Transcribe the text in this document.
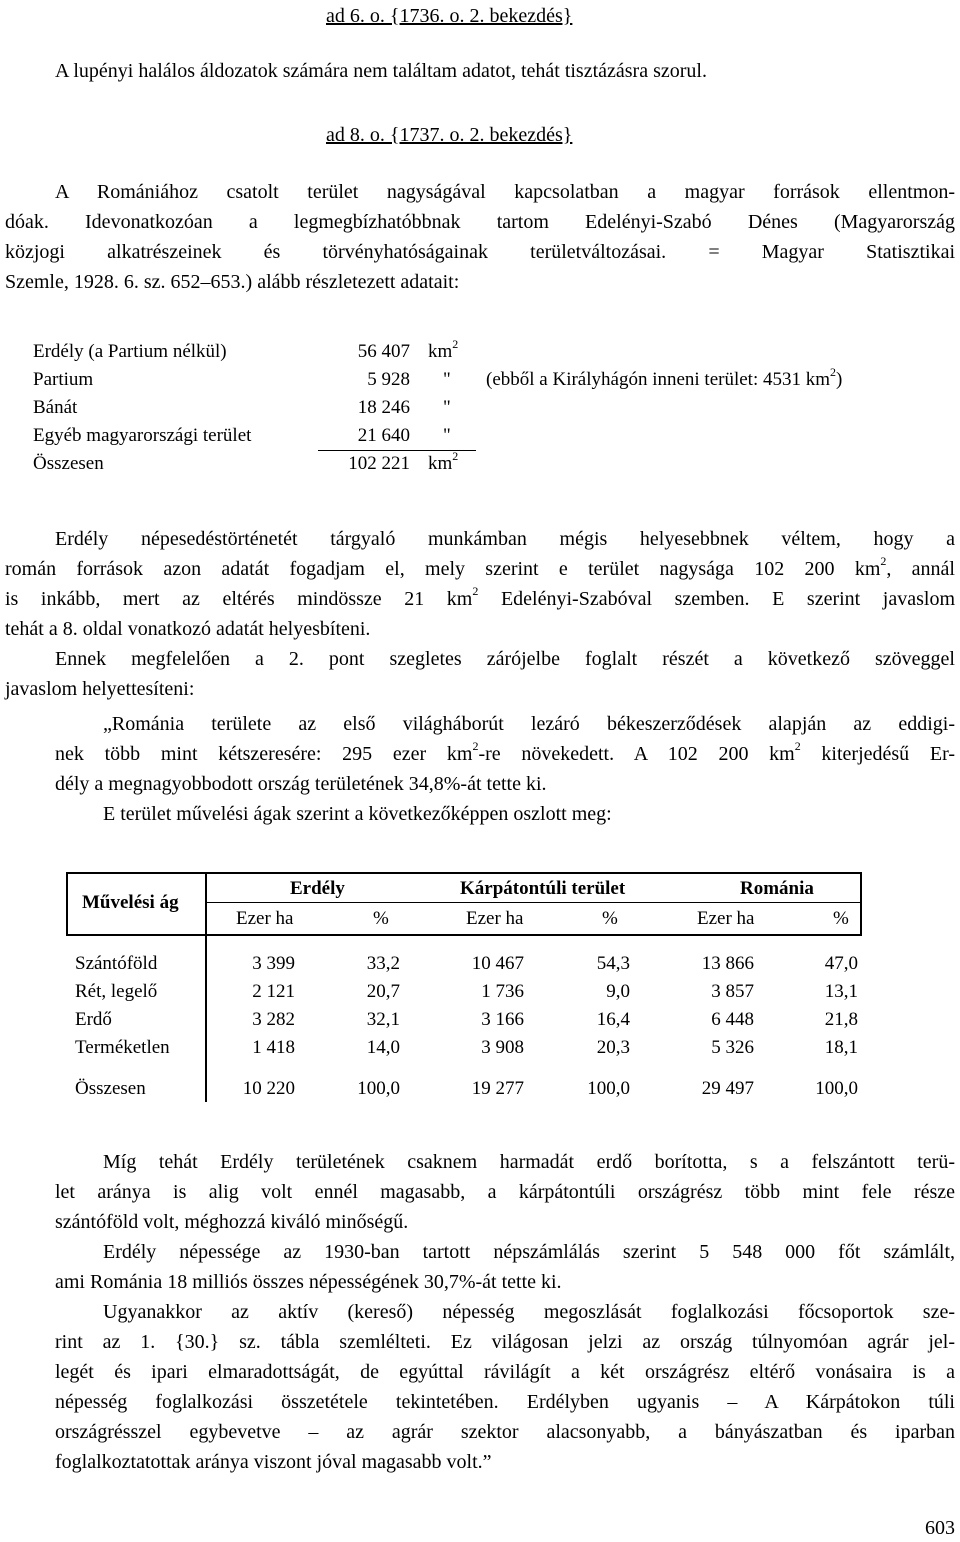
ad 6. o. {1736. o. 2. bekezdés}
A lupényi halálos áldozatok számára nem találtam adatot, tehát tisztázásra szorul.
ad 8. o. {1737. o. 2. bekezdés}
A Romániához csatolt terület nagyságával kapcsolatban a magyar források ellentmon-
dóak. Idevonatkozóan a legmegbízhatóbbnak tartom Edelényi-Szabó Dénes (Magyarország
közjogi alkatrészeinek és törvényhatóságainak területváltozásai. = Magyar Statisztikai
Szemle, 1928. 6. sz. 652–653.) alább részletezett adatait:
Erdély (a Partium nélkül)	56 407 $km^2$
Partium	5 928 " (ebből a Királyhágón inneni terület: 4531 $km^2$)
Bánát	18 246 "
Egyéb magyarországi terület	21 640 "
Összesen	102 221 $km^2$
Erdély népesedéstörténetét tárgyaló munkámban mégis helyesebbnek véltem, hogy a
román források azon adatát fogadjam el, mely szerint e terület nagysága 102 200 $km^2$, annál
is inkább, mert az eltérés mindössze 21 $km^2$ Edelényi-Szabóval szemben. E szerint javaslom
tehát a 8. oldal vonatkozó adatát helyesbíteni.
Ennek megfelelően a 2. pont szegletes zárójelbe foglalt részét a következő szöveggel
javaslom helyettesíteni:
„Románia területe az első világháborút lezáró békeszerződések alapján az eddigi-
nek több mint kétszeresére: 295 ezer $km^2-re$ növekedett. A 102 200 $km^2$ kiterjedésű Er-
dély a megnagyobbodott ország területének 34,8%-át tette ki.
E terület művelési ágak szerint a következőképpen oszlott meg:
Művelési ág
Erdély	Kárpátontúli terület	Románia
Ezer ha	%	Ezer ha	%	Ezer ha	%
Szántóföld	3 399	33,2	10 467	54,3	13 866	47,0
Rét, legelő	2 121	20,7	1 736	9,0	3 857	13,1
Erdő	3 282	32,1	3 166	16,4	6 448	21,8
Terméketlen	1 418	14,0	3 908	20,3	5 326	18,1
Összesen	10 220	100,0	19 277	100,0	29 497	100,0
Míg tehát Erdély területének csaknem harmadát erdő borította, s a felszántott terü-
let aránya is alig volt ennél magasabb, a kárpátontúli országrész több mint fele része
szántóföld volt, méghozzá kiváló minőségű.
Erdély népessége az 1930-ban tartott népszámlálás szerint 5 548 000 főt számlált,
ami Románia 18 milliós összes népességének 30,7%-át tette ki.
Ugyanakkor az aktív (kereső) népesség megoszlását foglalkozási főcsoportok sze-
rint az 1. {30.} sz. tábla szemlélteti. Ez világosan jelzi az ország túlnyomóan agrár jel-
legét és ipari elmaradottságát, de egyúttal rávilágít a két országrész eltérő vonásaira is a
népesség foglalkozási összetétele tekintetében. Erdélyben ugyanis – A Kárpátokon túli
országrésszel egybevetve – az agrár szektor alacsonyabb, a bányászatban és iparban
foglalkoztatottak aránya viszont jóval magasabb volt.”
603
